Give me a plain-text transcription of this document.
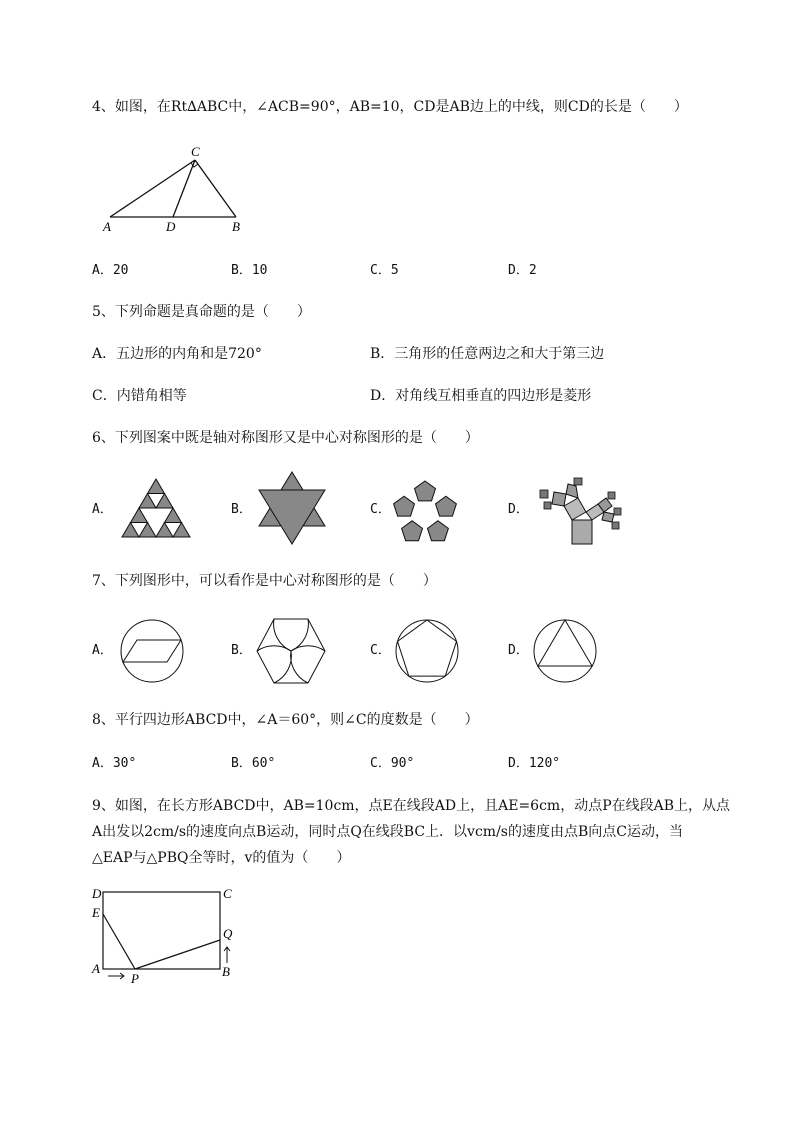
4、如图，在Rt∆ABC中，∠ACB=90°，AB=10，CD是AB边上的中线，则CD的长是（　　）
C
A	D	B
A．20	B．10	C．5	D．2
5、下列命题是真命题的是（　　）
A．五边形的内角和是720°	B．三角形的任意两边之和大于第三边
C．内错角相等	D．对角线互相垂直的四边形是菱形
6、下列图案中既是轴对称图形又是中心对称图形的是（　　）
A．	B．	C．	D．
7、下列图形中，可以看作是中心对称图形的是（　　）
A．	B．	C．	D．
8、平行四边形ABCD中，∠A＝60°，则∠C的度数是（　　）
A．30°	B．60°	C．90°	D．120°
9、如图，在长方形ABCD中，AB=10cm，点E在线段AD上，且AE=6cm，动点P在线段AB上，从点
A出发以2cm/s的速度向点B运动，同时点Q在线段BC上．以vcm/s的速度由点B向点C运动，当
△EAP与△PBQ全等时，v的值为（　　）
D	C
E
Q
A	B
P
